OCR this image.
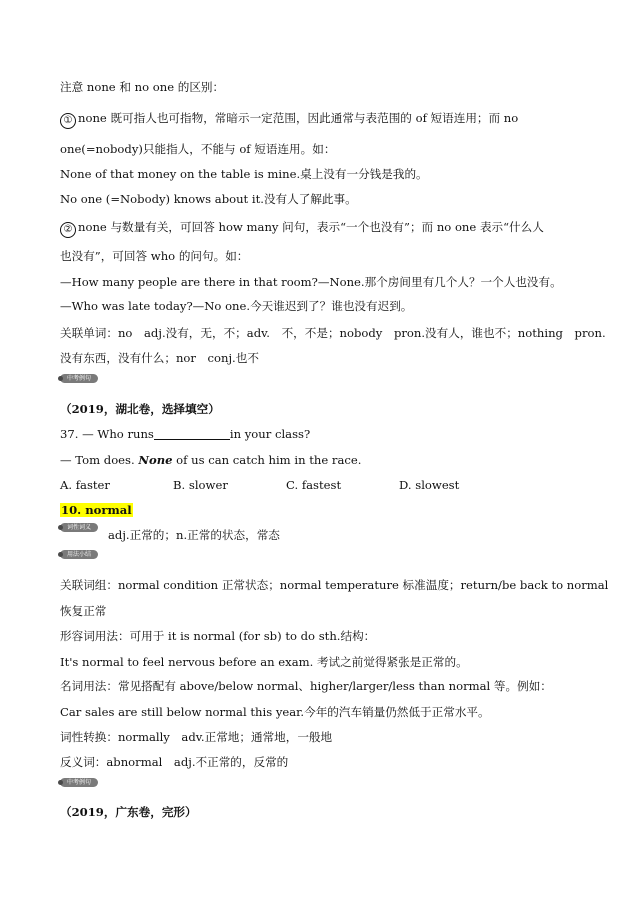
注意 none 和 no one 的区别：
① none 既可指人也可指物，常暗示一定范围，因此通常与表范围的 of 短语连用；而 no
one(=nobody)只能指人，不能与 of 短语连用。如：
None of that money on the table is mine.桌上没有一分钱是我的。
No one (=Nobody) knows about it.没有人了解此事。
② none 与数量有关，可回答 how many 问句，表示“一个也没有”；而 no one 表示“什么人
也没有”，可回答 who 的问句。如：
—How many people are there in that room?—None.那个房间里有几个人？一个人也没有。
—Who was late today?—No one.今天谁迟到了？谁也没有迟到。
关联单词：no　adj.没有，无，不；adv.　不，不是；nobody　pron.没有人，谁也不；nothing　pron.
没有东西，没有什么；nor　conj.也不
中考例句
（2019，湖北卷，选择填空）
37. — Who runs	in your class?
— Tom does. None of us can catch him in the race.
A. faster	B. slower	C. fastest	D. slowest
10. normal
词性词义
adj.正常的；n.正常的状态，常态
用法小结
关联词组：normal condition 正常状态；normal temperature 标准温度；return/be back to normal
恢复正常
形容词用法：可用于 it is normal (for sb) to do sth.结构：
It's normal to feel nervous before an exam. 考试之前觉得紧张是正常的。
名词用法：常见搭配有 above/below normal、higher/larger/less than normal 等。例如：
Car sales are still below normal this year.今年的汽车销量仍然低于正常水平。
词性转换：normally　adv.正常地；通常地，一般地
反义词：abnormal　adj.不正常的，反常的
中考例句
（2019，广东卷，完形）
